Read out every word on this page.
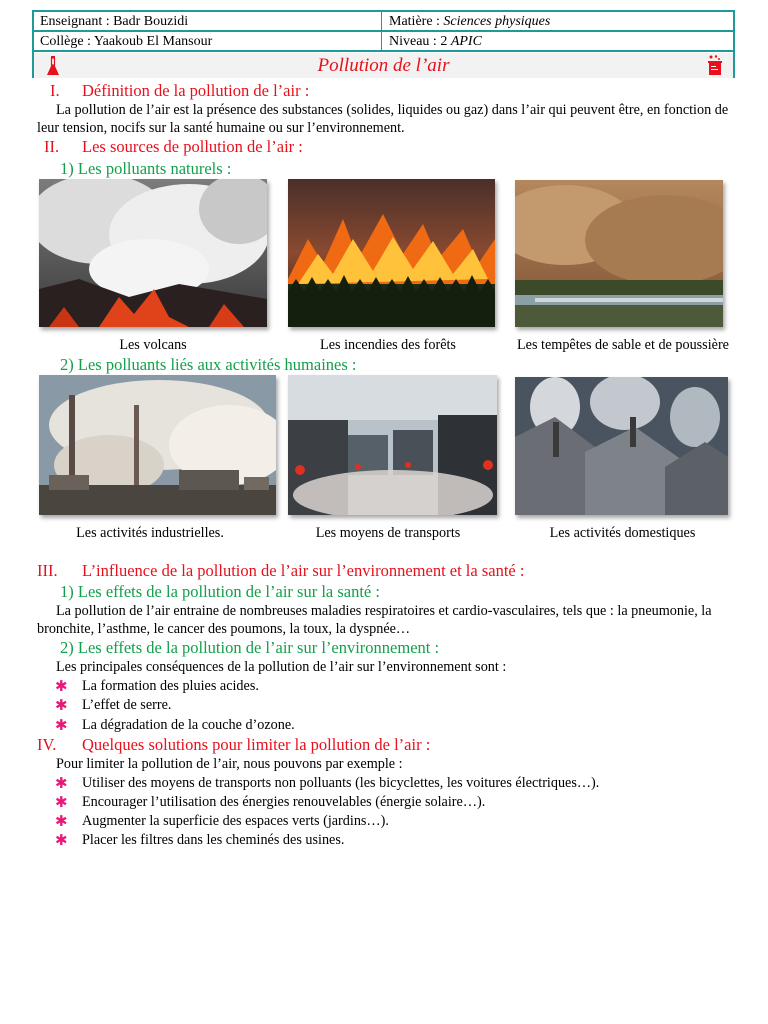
Enseignant : Badr Bouzidi	Matière : Sciences physiques
Collège : Yaakoub El Mansour	Niveau : 2 APIC
Pollution de l’air
I. Définition de la pollution de l’air :
La pollution de l’air est la présence des substances (solides, liquides ou gaz) dans l’air qui peuvent être, en fonction de leur tension, nocifs sur la santé humaine ou sur l’environnement.
II. Les sources de pollution de l’air :
1) Les polluants naturels :
Les volcans	Les incendies des forêts	Les tempêtes de sable et de poussière
2) Les polluants liés aux activités humaines :
Les activités industrielles.	Les moyens de transports	Les activités domestiques
III. L’influence de la pollution de l’air sur l’environnement et la santé :
1) Les effets de la pollution de l’air sur la santé :
La pollution de l’air entraine de nombreuses maladies respiratoires et cardio-vasculaires, tels que : la pneumonie, la bronchite, l’asthme, le cancer des poumons, la toux, la dyspnée…
2) Les effets de la pollution de l’air sur l’environnement :
Les principales conséquences de la pollution de l’air sur l’environnement sont :
✱ La formation des pluies acides.
✱ L’effet de serre.
✱ La dégradation de la couche d’ozone.
IV. Quelques solutions pour limiter la pollution de l’air :
Pour limiter la pollution de l’air, nous pouvons par exemple :
✱ Utiliser des moyens de transports non polluants (les bicyclettes, les voitures électriques…).
✱ Encourager l’utilisation des énergies renouvelables (énergie solaire…).
✱ Augmenter la superficie des espaces verts (jardins…).
✱ Placer les filtres dans les cheminés des usines.
